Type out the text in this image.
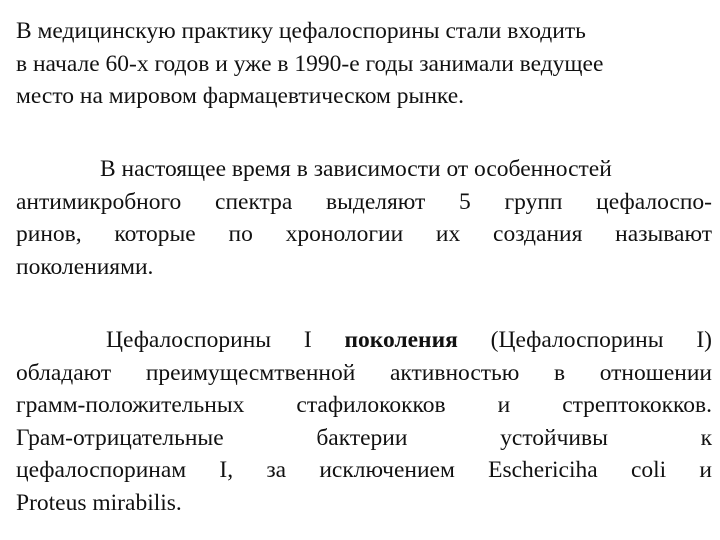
В медицинскую практику цефалоспорины стали входить
в начале 60-х годов и уже в 1990-е годы занимали ведущее
место на мировом фармацевтическом рынке.
В настоящее время в зависимости от особенностей
антимикробного спектра выделяют 5 групп цефалоспо-
ринов, которые по хронологии их создания называют
поколениями.
Цефалоспорины I поколения (Цефалоспорины I)
обладают преимущесмтвенной активностью в отношении
грамм-положительных стафилококков и стрептококков.
Грам-отрицательные бактерии устойчивы к
цефалоспоринам I, за исключением Eschericiha coli и
Proteus mirabilis.
